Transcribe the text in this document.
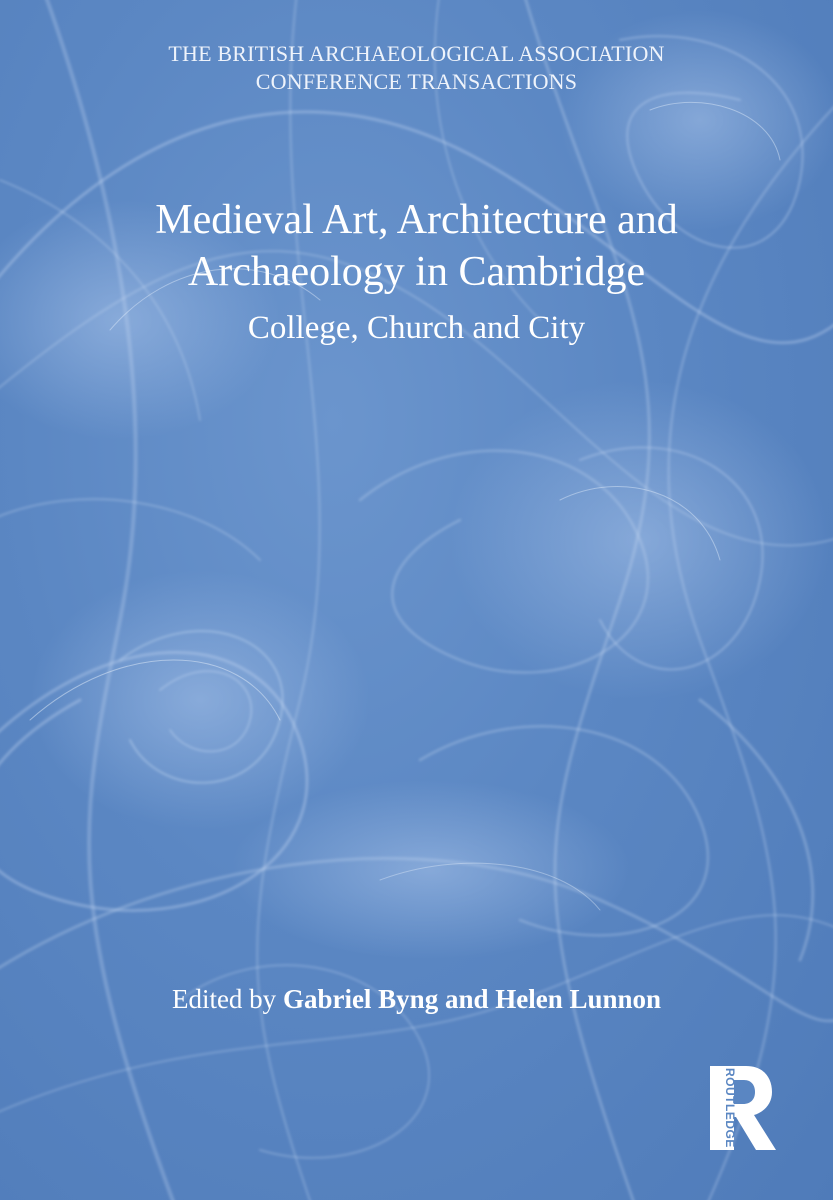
THE BRITISH ARCHAEOLOGICAL ASSOCIATION
CONFERENCE TRANSACTIONS
Medieval Art, Architecture and
Archaeology in Cambridge
College, Church and City
Edited by Gabriel Byng and Helen Lunnon
ROUTLEDGE
